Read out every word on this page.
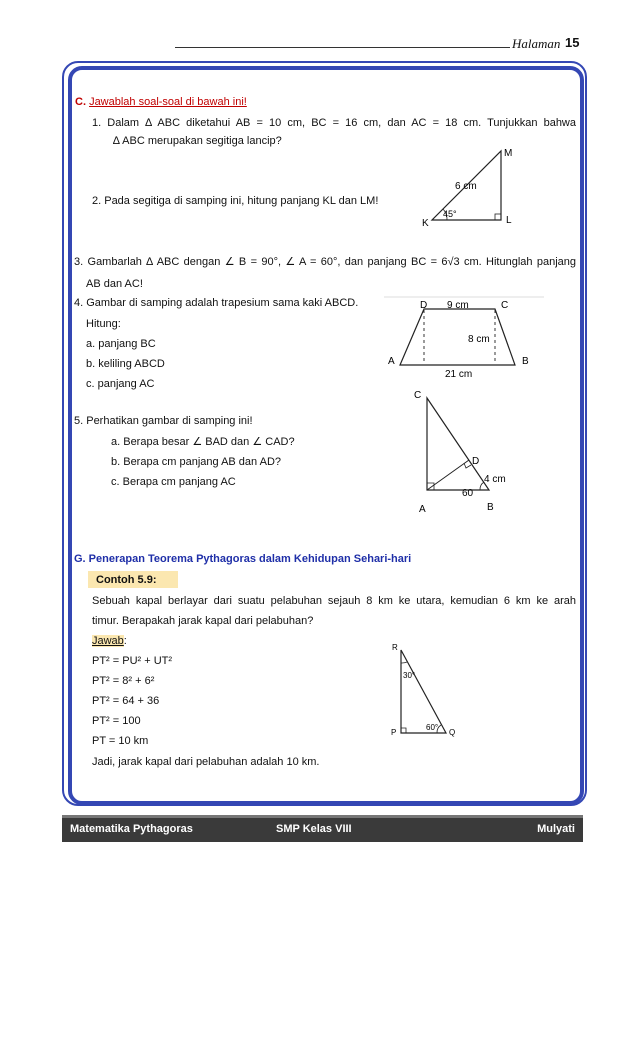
Halaman 15
C. Jawablah soal-soal di bawah ini!
1. Dalam ∆ ABC diketahui AB = 10 cm, BC = 16 cm, dan AC = 18 cm. Tunjukkan bahwa
∆ ABC merupakan segitiga lancip?
2. Pada segitiga di samping ini, hitung panjang KL dan LM!
M
K	L
6 cm
45°
3. Gambarlah ∆ ABC dengan ∠ B = 90°, ∠ A = 60°, dan panjang BC = 6√3 cm. Hitunglah panjang
AB dan AC!
4. Gambar di samping adalah trapesium sama kaki ABCD.
Hitung:
a. panjang BC
b. keliling ABCD
c. panjang AC
D	C
A	B
9 cm
8 cm
21 cm
5. Perhatikan gambar di samping ini!
a. Berapa besar ∠ BAD dan ∠ CAD?
b. Berapa cm panjang AB dan AD?
c. Berapa cm panjang AC
C
D
A	B
4 cm
60
G. Penerapan Teorema Pythagoras dalam Kehidupan Sehari-hari
Contoh 5.9:
Sebuah kapal berlayar dari suatu pelabuhan sejauh 8 km ke utara, kemudian 6 km ke arah
timur. Berapakah jarak kapal dari pelabuhan?
Jawab:
PT² = PU² + UT²
PT² = 8² + 6²
PT² = 64 + 36
PT² = 100
PT = 10 km
Jadi, jarak kapal dari pelabuhan adalah 10 km.
R
P	Q
30°
60°
Matematika Pythagoras	SMP Kelas VIII	Mulyati
